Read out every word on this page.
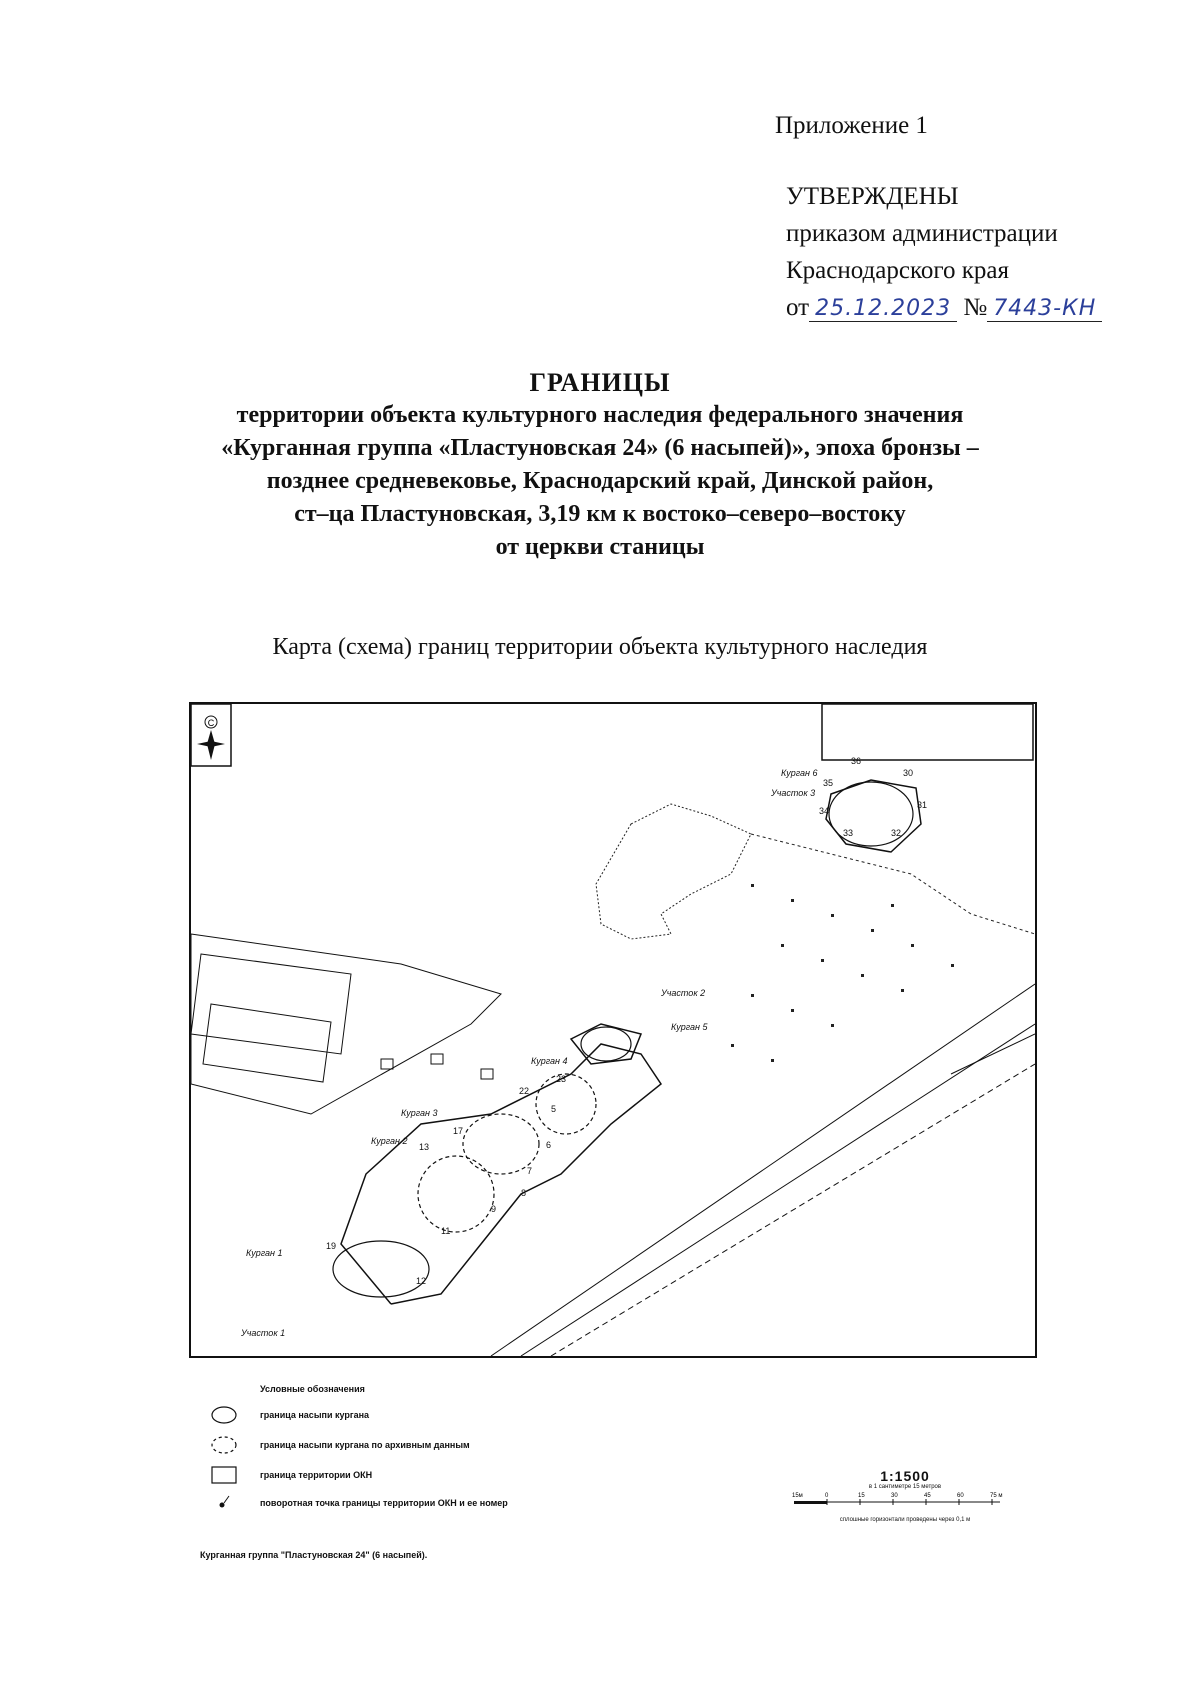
Приложение 1
УТВЕРЖДЕНЫ
приказом администрации
Краснодарского края
от 25.12.2023 № 7443-КН
ГРАНИЦЫ
территории объекта культурного наследия федерального значения
«Курганная группа «Пластуновская 24» (6 насыпей)», эпоха бронзы –
позднее средневековье, Краснодарский край, Динской район,
ст–ца Пластуновская, 3,19 км к востоко–северо–востоку
от церкви станицы
Карта (схема) границ территории объекта культурного наследия
С
Курган 1
Курган 2
Курган 3
Курган 4
Курган 5
Курган 6
Участок 1
Участок 2
Участок 3
5
6
7
8
9
11
12
19
13
17
22
23
36
30
31
32
33
34
35
Условные обозначения
граница насыпи кургана
граница насыпи кургана по архивным данным
граница территории ОКН
поворотная точка границы территории ОКН и ее номер
1:1500
в 1 сантиметре 15 метров
15м	0	15	30	45	60	75 м
сплошные горизонтали проведены через 0,1 м
Курганная группа "Пластуновская 24" (6 насыпей).
